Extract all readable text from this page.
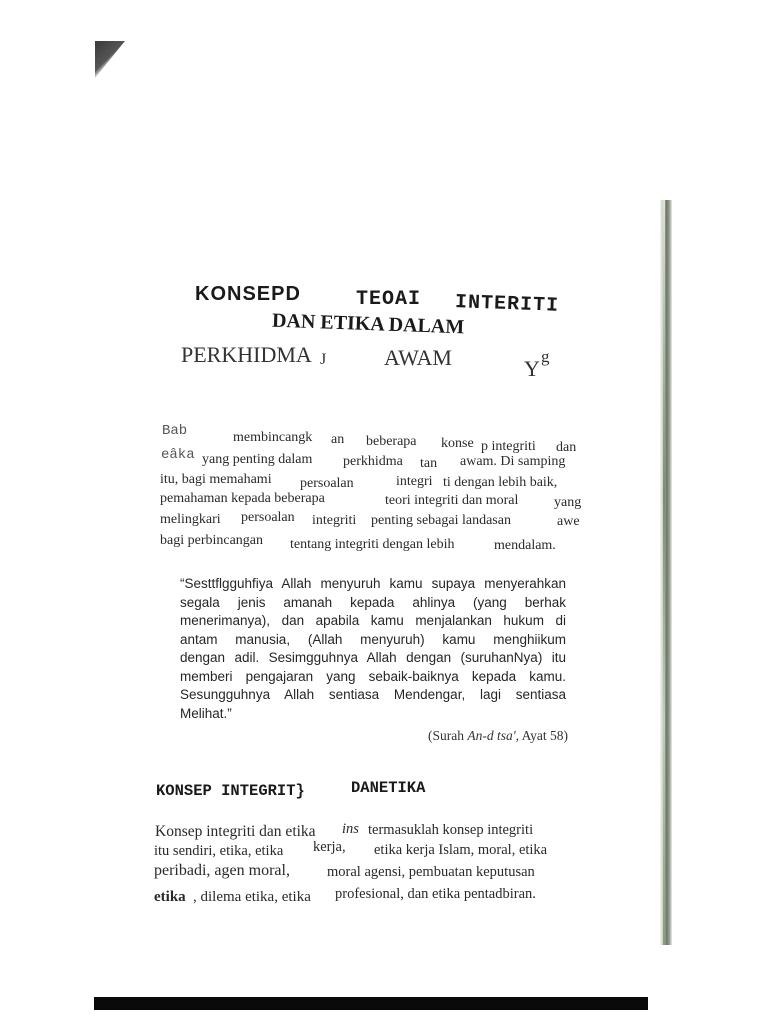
KONSEPD	TEOAI INTЕRITI
DAN ETIKA DALAM
PERKHIDMA J	AWAM	Y g
Bab	membincangk an beberapa konse p integriti dan
eâka yang penting dalam perkhidma tan awam. Di samping
itu, bagi memahami persoalan	integri ti dengan lebih baik,
pemahaman kepada beberapa	teori integriti dan moral	yang
melingkari persoalan integriti penting sebagai landasan	awe
bagi perbincangan tentang integriti dengan lebih	mendalam.
“Sesttflgguhfiya Allah menyuruh kamu supaya menyerahkan
segala jenis amanah kepada ahlinya (yang berhak
menerimanya), dan apabila kamu menjalankan hukum di
antam manusia, (Allah menyuruh) kamu menghiikum
dengan adil. Sesimgguhnya Allah dengan (suruhanNya) itu
memberi pengajaran yang sebaik-baiknya kepada kamu.
Sesungguhnya Allah sentiasa Mendengar, lagi sentiasa
Melihat.”
(Surah An-d tsa', Ayat 58)
KONSEP INTEGRIT}	DANETIKA
Konsep integriti dan etika ins termasuklah konsep integriti
itu sendiri, etika, etika kerja, etika kerja Islam, moral, etika
peribadi, agen moral,	moral agensi, pembuatan keputusan
etika , dilema etika, etika profesional, dan etika pentadbiran.
